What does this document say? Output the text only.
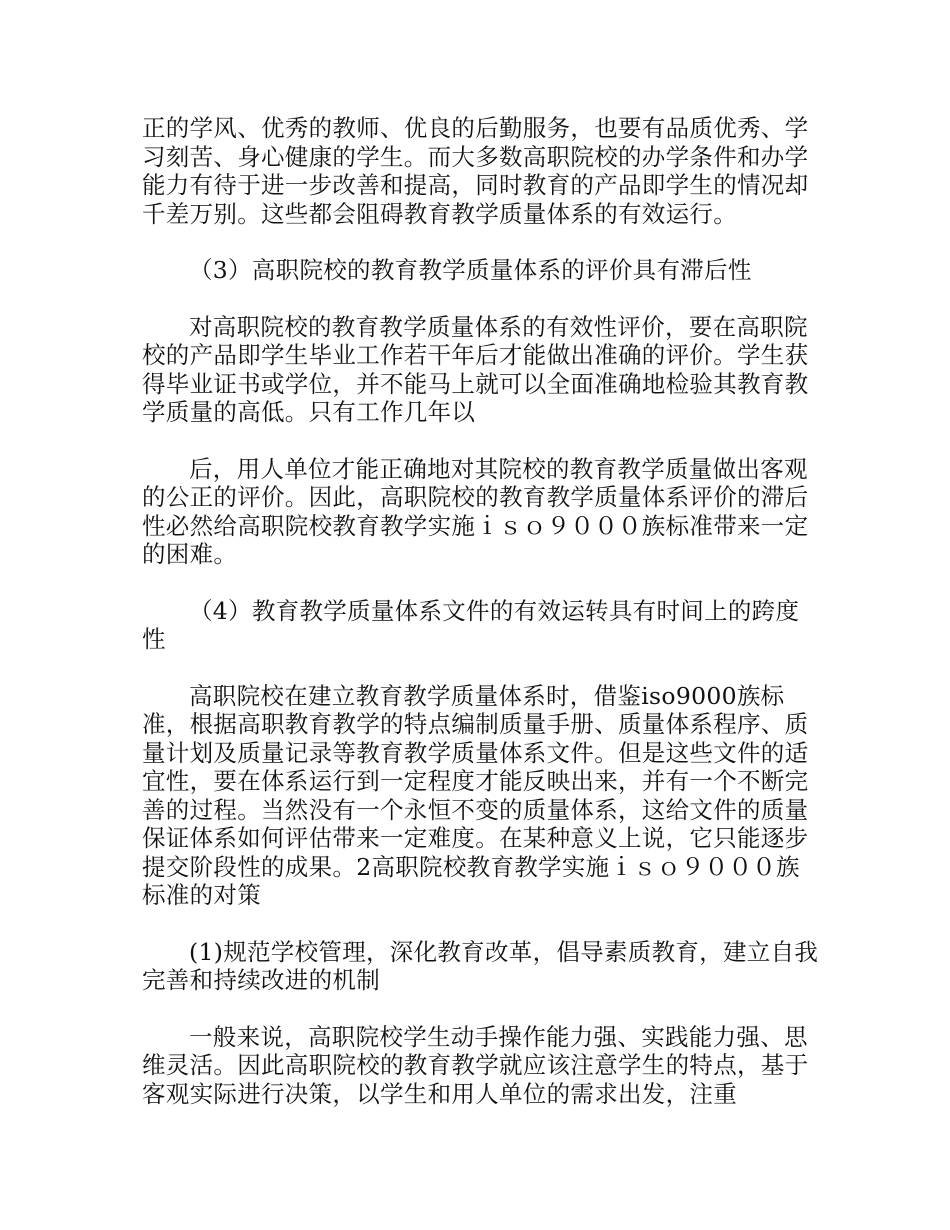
正的学风、优秀的教师、优良的后勤服务，也要有品质优秀、学习刻苦、身心健康的学生。而大多数高职院校的办学条件和办学能力有待于进一步改善和提高，同时教育的产品即学生的情况却千差万别。这些都会阻碍教育教学质量体系的有效运行。

（3）高职院校的教育教学质量体系的评价具有滞后性

对高职院校的教育教学质量体系的有效性评价，要在高职院校的产品即学生毕业工作若干年后才能做出准确的评价。学生获得毕业证书或学位，并不能马上就可以全面准确地检验其教育教学质量的高低。只有工作几年以

后，用人单位才能正确地对其院校的教育教学质量做出客观的公正的评价。因此，高职院校的教育教学质量体系评价的滞后性必然给高职院校教育教学实施ｉｓｏ９０００族标准带来一定的困难。

（4）教育教学质量体系文件的有效运转具有时间上的跨度性

高职院校在建立教育教学质量体系时，借鉴iso9000族标准，根据高职教育教学的特点编制质量手册、质量体系程序、质量计划及质量记录等教育教学质量体系文件。但是这些文件的适宜性，要在体系运行到一定程度才能反映出来，并有一个不断完善的过程。当然没有一个永恒不变的质量体系，这给文件的质量保证体系如何评估带来一定难度。在某种意义上说，它只能逐步提交阶段性的成果。2高职院校教育教学实施ｉｓｏ９０００族标准的对策

(1)规范学校管理，深化教育改革，倡导素质教育，建立自我完善和持续改进的机制

一般来说，高职院校学生动手操作能力强、实践能力强、思维灵活。因此高职院校的教育教学就应该注意学生的特点，基于客观实际进行决策，以学生和用人单位的需求出发，注重
